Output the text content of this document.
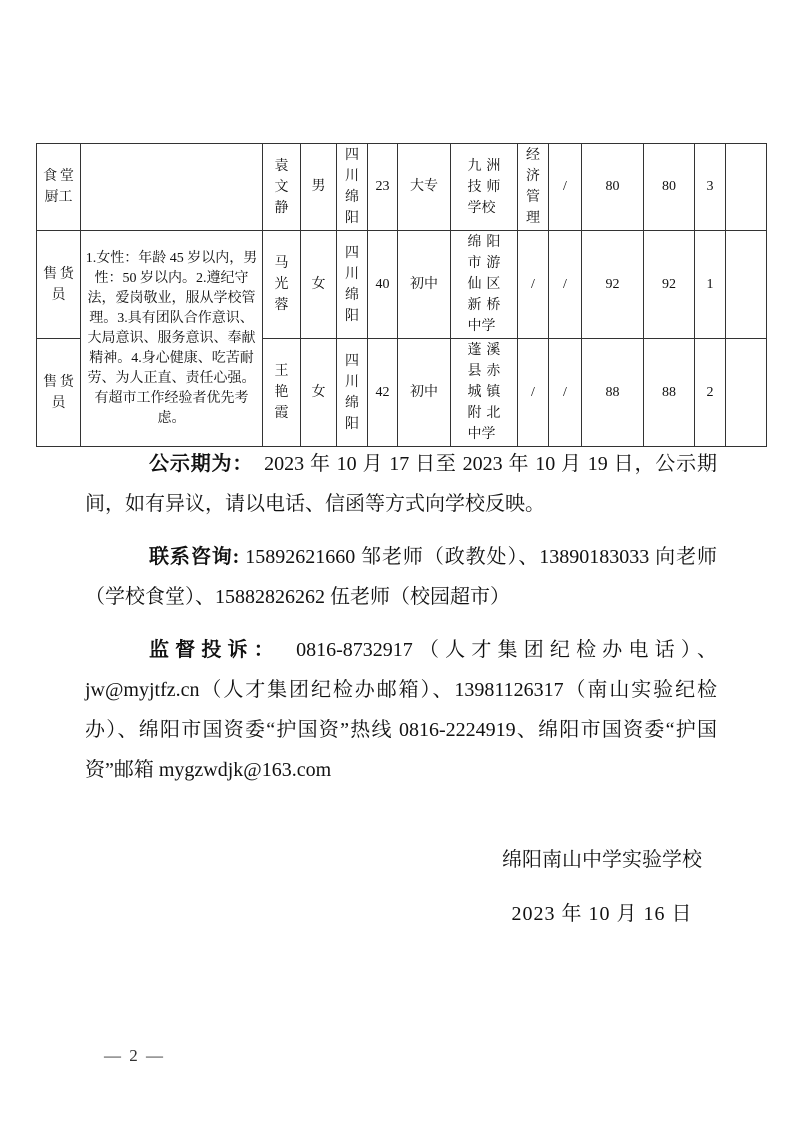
食堂厨工		袁文静	男	四川绵阳	23	大专	九洲技师学校	经济管理	/	80	80	3	
售货员	1.女性：年龄 45 岁以内，男性：50 岁以内。2.遵纪守法，爱岗敬业，服从学校管理。3.具有团队合作意识、大局意识、服务意识、奉献精神。4.身心健康、吃苦耐劳、为人正直、责任心强。有超市工作经验者优先考虑。	马光蓉	女	四川绵阳	40	初中	绵阳市游仙区新桥中学	/	/	92	92	1	
售货员		王艳霞	女	四川绵阳	42	初中	蓬溪县赤城镇附北中学	/	/	88	88	2	

公示期为：　2023 年 10 月 17 日至 2023 年 10 月 19 日，公示期间，如有异议，请以电话、信函等方式向学校反映。

联系咨询: 15892621660 邹老师（政教处）、13890183033 向老师（学校食堂）、15882826262 伍老师（校园超市）

监督投诉：　0816-8732917（人才集团纪检办电话）、jw@myjtfz.cn（人才集团纪检办邮箱）、13981126317（南山实验纪检办）、绵阳市国资委“护国资”热线 0816-2224919、绵阳市国资委“护国资”邮箱 mygzwdjk@163.com

绵阳南山中学实验学校
2023 年 10 月 16 日
— 2 —
